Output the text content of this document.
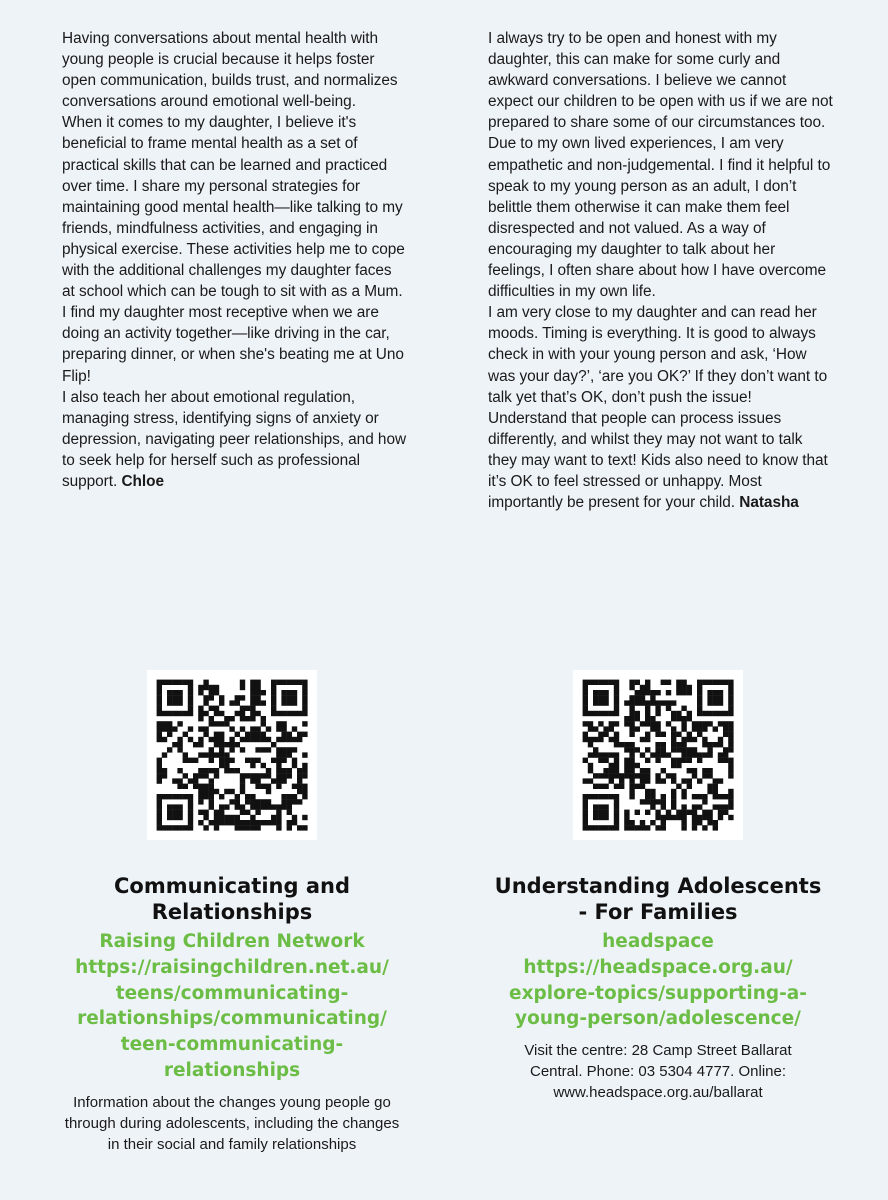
Having conversations about mental health with young people is crucial because it helps foster open communication, builds trust, and normalizes conversations around emotional well-being.

When it comes to my daughter, I believe it's beneficial to frame mental health as a set of practical skills that can be learned and practiced over time. I share my personal strategies for maintaining good mental health—like talking to my friends, mindfulness activities, and engaging in physical exercise. These activities help me to cope with the additional challenges my daughter faces at school which can be tough to sit with as a Mum.

I find my daughter most receptive when we are doing an activity together—like driving in the car, preparing dinner, or when she's beating me at Uno Flip!

I also teach her about emotional regulation, managing stress, identifying signs of anxiety or depression, navigating peer relationships, and how to seek help for herself such as professional support. Chloe

I always try to be open and honest with my daughter, this can make for some curly and awkward conversations. I believe we cannot expect our children to be open with us if we are not prepared to share some of our circumstances too. Due to my own lived experiences, I am very empathetic and non-judgemental. I find it helpful to speak to my young person as an adult, I don’t belittle them otherwise it can make them feel disrespected and not valued. As a way of encouraging my daughter to talk about her feelings, I often share about how I have overcome difficulties in my own life.

I am very close to my daughter and can read her moods. Timing is everything. It is good to always check in with your young person and ask, ‘How was your day?’, ‘are you OK?’ If they don’t want to talk yet that’s OK, don’t push the issue! Understand that people can process issues differently, and whilst they may not want to talk they may want to text! Kids also need to know that it’s OK to feel stressed or unhappy. Most importantly be present for your child. Natasha

Communicating and Relationships
Raising Children Network
https://raisingchildren.net.au/
teens/communicating-
relationships/communicating/
teen-communicating-
relationships
Information about the changes young people go through during adolescents, including the changes in their social and family relationships
Understanding Adolescents
- For Families
headspace
https://headspace.org.au/
explore-topics/supporting-a-
young-person/adolescence/
Visit the centre: 28 Camp Street Ballarat Central. Phone: 03 5304 4777. Online: www.headspace.org.au/ballarat
